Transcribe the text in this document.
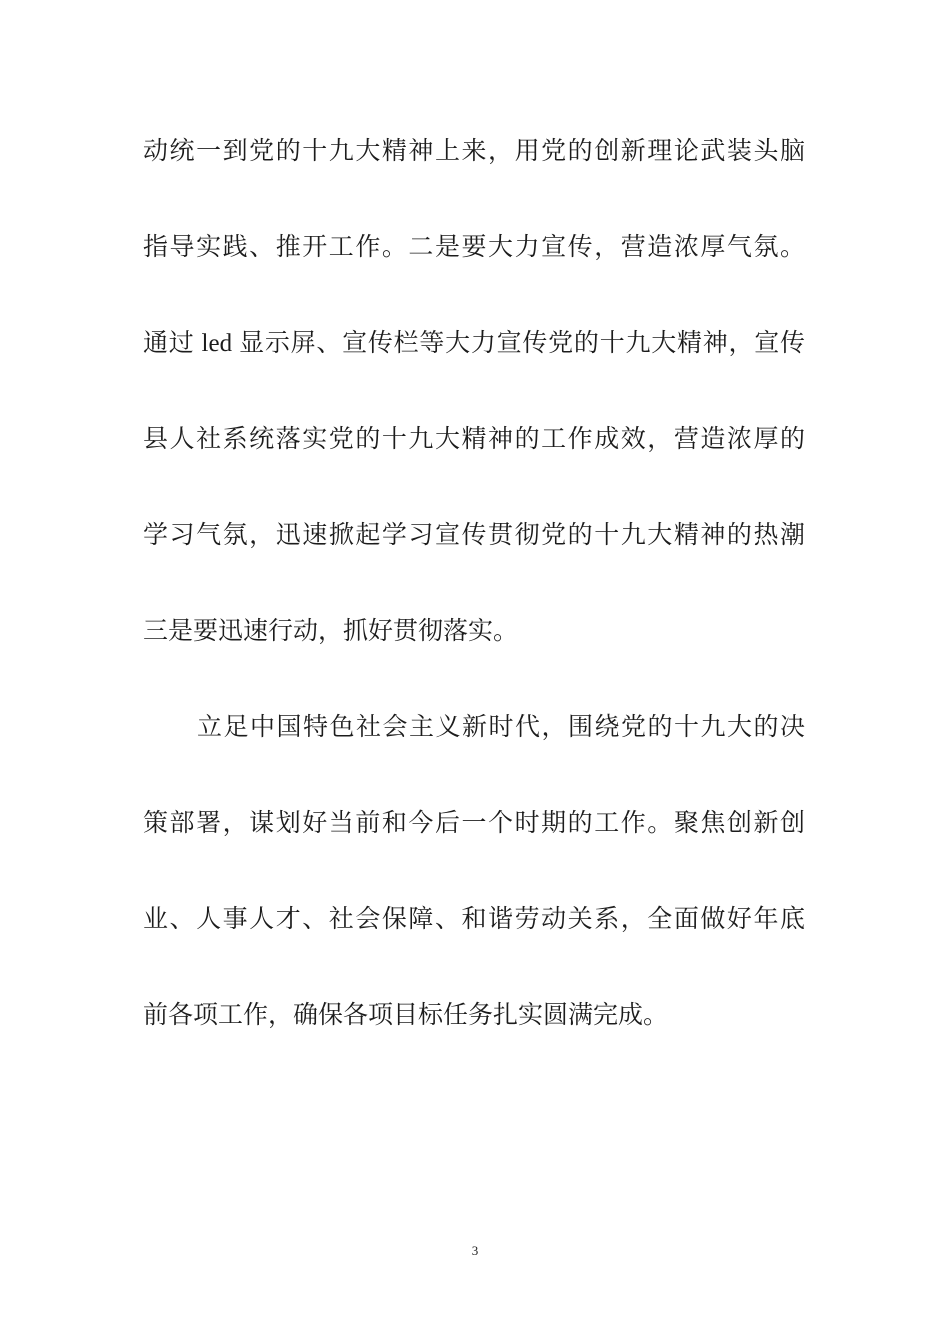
动统一到党的十九大精神上来，用党的创新理论武装头脑

指导实践、推开工作。二是要大力宣传，营造浓厚气氛。

通过 led 显示屏、宣传栏等大力宣传党的十九大精神，宣传

县人社系统落实党的十九大精神的工作成效，营造浓厚的

学习气氛，迅速掀起学习宣传贯彻党的十九大精神的热潮

三是要迅速行动，抓好贯彻落实。

立足中国特色社会主义新时代，围绕党的十九大的决

策部署，谋划好当前和今后一个时期的工作。聚焦创新创

业、人事人才、社会保障、和谐劳动关系，全面做好年底

前各项工作，确保各项目标任务扎实圆满完成。

3
